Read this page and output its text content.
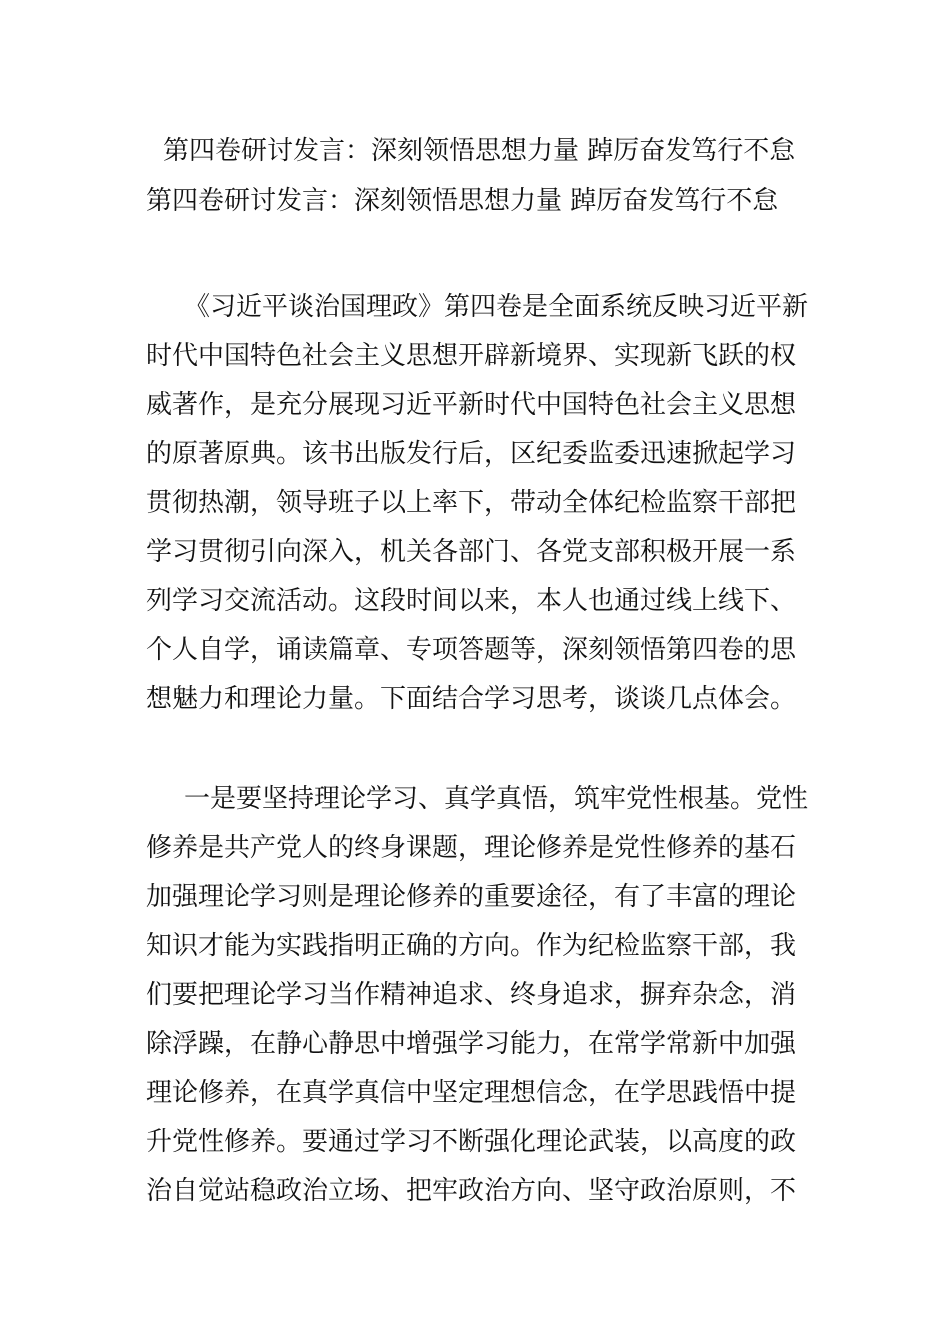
第四卷研讨发言：深刻领悟思想力量 踔厉奋发笃行不怠
第四卷研讨发言：深刻领悟思想力量 踔厉奋发笃行不怠
《习近平谈治国理政》第四卷是全面系统反映习近平新
时代中国特色社会主义思想开辟新境界、实现新飞跃的权
威著作，是充分展现习近平新时代中国特色社会主义思想
的原著原典。该书出版发行后，区纪委监委迅速掀起学习
贯彻热潮，领导班子以上率下，带动全体纪检监察干部把
学习贯彻引向深入，机关各部门、各党支部积极开展一系
列学习交流活动。这段时间以来，本人也通过线上线下、
个人自学，诵读篇章、专项答题等，深刻领悟第四卷的思
想魅力和理论力量。下面结合学习思考，谈谈几点体会。
一是要坚持理论学习、真学真悟，筑牢党性根基。党性
修养是共产党人的终身课题，理论修养是党性修养的基石
加强理论学习则是理论修养的重要途径，有了丰富的理论
知识才能为实践指明正确的方向。作为纪检监察干部，我
们要把理论学习当作精神追求、终身追求，摒弃杂念，消
除浮躁，在静心静思中增强学习能力，在常学常新中加强
理论修养，在真学真信中坚定理想信念，在学思践悟中提
升党性修养。要通过学习不断强化理论武装，以高度的政
治自觉站稳政治立场、把牢政治方向、坚守政治原则，不
